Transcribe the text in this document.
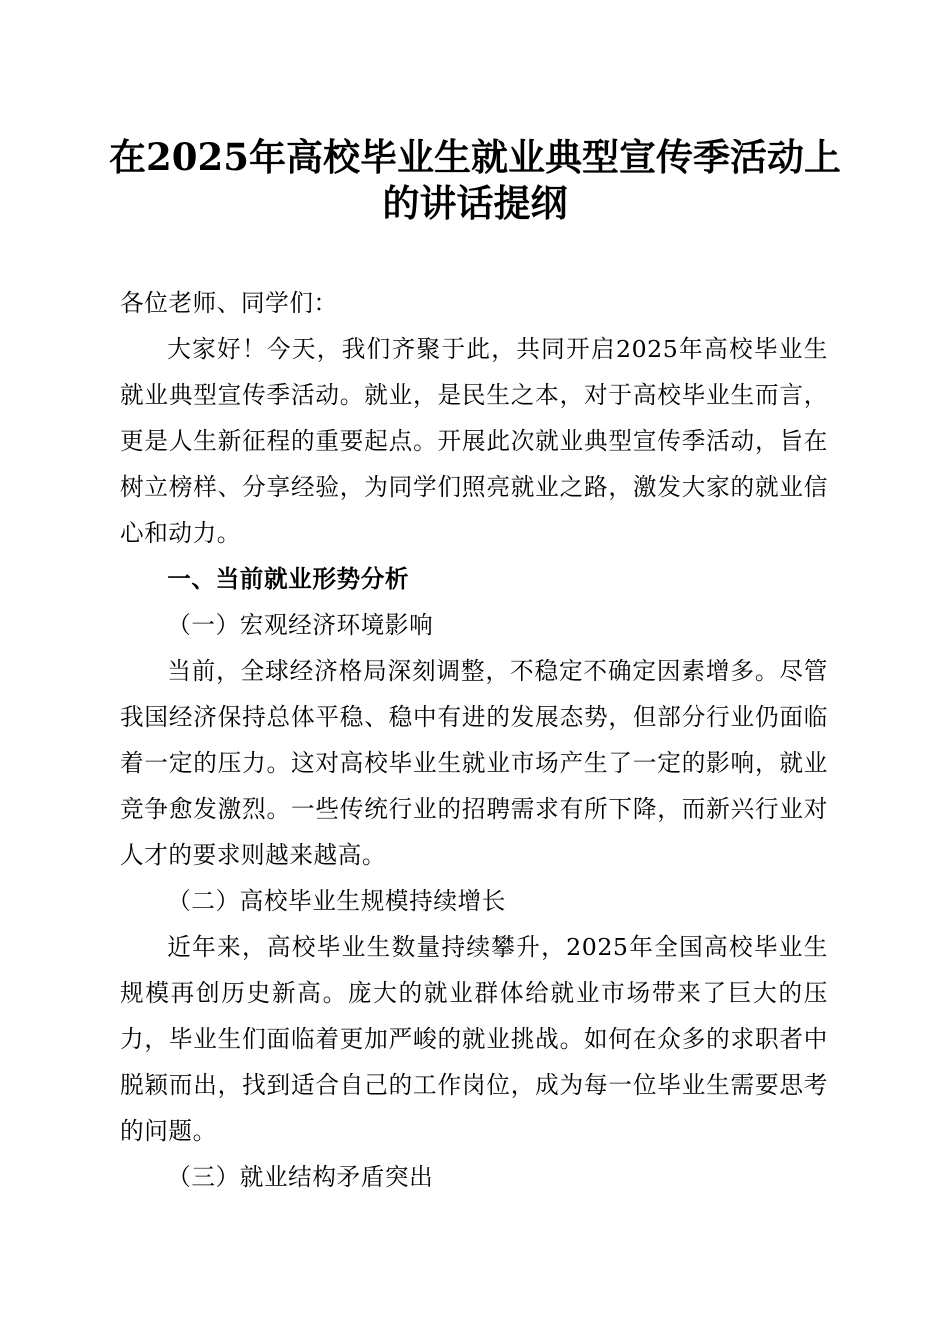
在2025年高校毕业生就业典型宣传季活动上
的讲话提纲

各位老师、同学们：

大家好！今天，我们齐聚于此，共同开启2025年高校毕业生就业典型宣传季活动。就业，是民生之本，对于高校毕业生而言，更是人生新征程的重要起点。开展此次就业典型宣传季活动，旨在树立榜样、分享经验，为同学们照亮就业之路，激发大家的就业信心和动力。

一、当前就业形势分析

（一）宏观经济环境影响

当前，全球经济格局深刻调整，不稳定不确定因素增多。尽管我国经济保持总体平稳、稳中有进的发展态势，但部分行业仍面临着一定的压力。这对高校毕业生就业市场产生了一定的影响，就业竞争愈发激烈。一些传统行业的招聘需求有所下降，而新兴行业对人才的要求则越来越高。

（二）高校毕业生规模持续增长

近年来，高校毕业生数量持续攀升，2025年全国高校毕业生规模再创历史新高。庞大的就业群体给就业市场带来了巨大的压力，毕业生们面临着更加严峻的就业挑战。如何在众多的求职者中脱颖而出，找到适合自己的工作岗位，成为每一位毕业生需要思考的问题。

（三）就业结构矛盾突出
